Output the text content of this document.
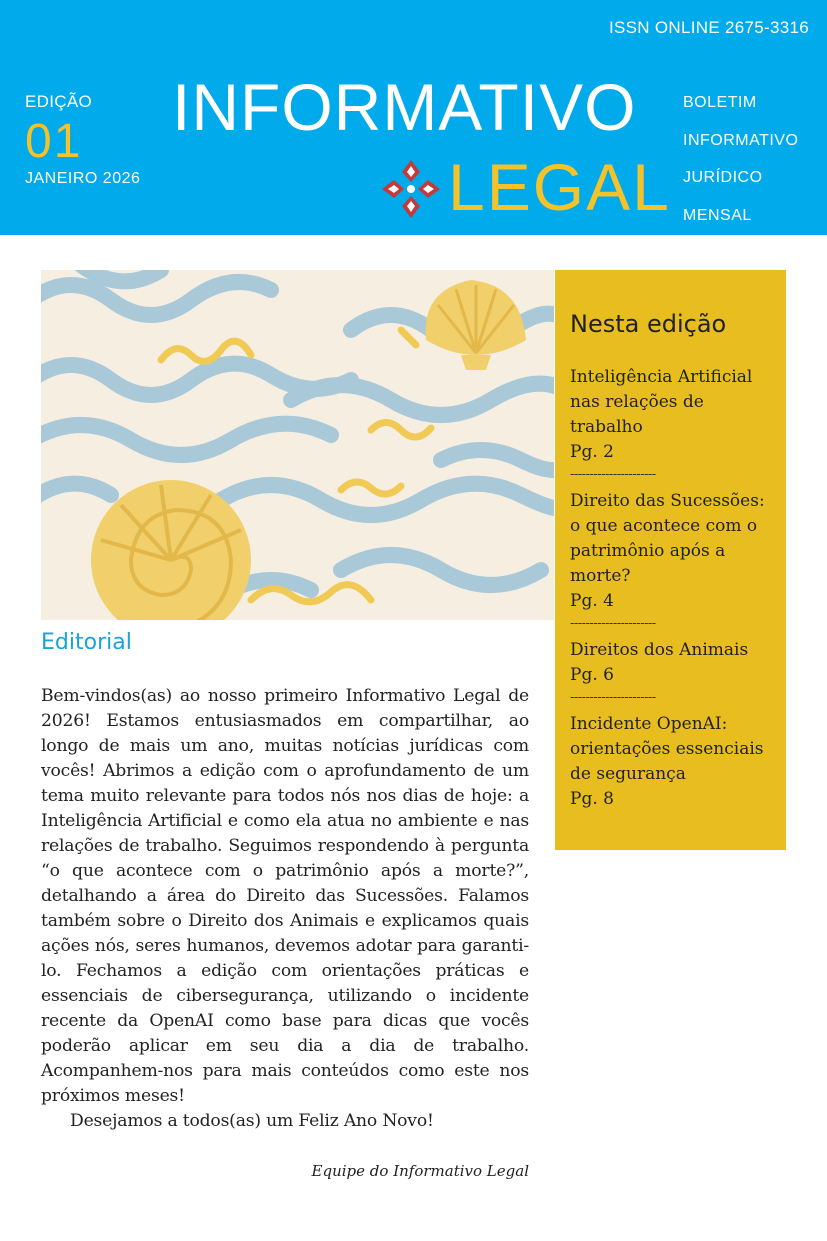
ISSN ONLINE 2675-3316
EDIÇÃO
01
JANEIRO 2026
INFORMATIVO
LEGAL
BOLETIM
INFORMATIVO
JURÍDICO
MENSAL
Nesta edição
Inteligência Artificial nas relações de trabalho
Pg. 2
----------------------
Direito das Sucessões: o que acontece com o patrimônio após a morte?
Pg. 4
----------------------
Direitos dos Animais
Pg. 6
----------------------
Incidente OpenAI: orientações essenciais de segurança
Pg. 8
Editorial

Bem-vindos(as) ao nosso primeiro Informativo Legal de 2026! Estamos entusiasmados em compartilhar, ao longo de mais um ano, muitas notícias jurídicas com vocês! Abrimos a edição com o aprofundamento de um tema muito relevante para todos nós nos dias de hoje: a Inteligência Artificial e como ela atua no ambiente e nas relações de trabalho. Seguimos respondendo à pergunta “o que acontece com o patrimônio após a morte?”, detalhando a área do Direito das Sucessões. Falamos também sobre o Direito dos Animais e explicamos quais ações nós, seres humanos, devemos adotar para garanti-lo. Fechamos a edição com orientações práticas e essenciais de cibersegurança, utilizando o incidente recente da OpenAI como base para dicas que vocês poderão aplicar em seu dia a dia de trabalho. Acompanhem-nos para mais conteúdos como este nos próximos meses!

Desejamos a todos(as) um Feliz Ano Novo!

Equipe do Informativo Legal
